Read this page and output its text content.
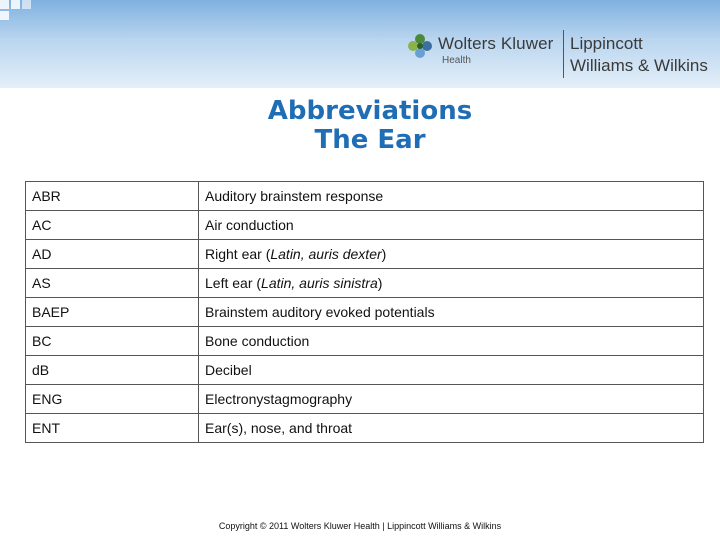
Wolters Kluwer
Health
Lippincott
Williams & Wilkins
Abbreviations
The Ear
ABR	Auditory brainstem response
AC	Air conduction
AD	Right ear (Latin, auris dexter)
AS	Left ear (Latin, auris sinistra)
BAEP	Brainstem auditory evoked potentials
BC	Bone conduction
dB	Decibel
ENG	Electronystagmography
ENT	Ear(s), nose, and throat
Copyright © 2011 Wolters Kluwer Health | Lippincott Williams & Wilkins
